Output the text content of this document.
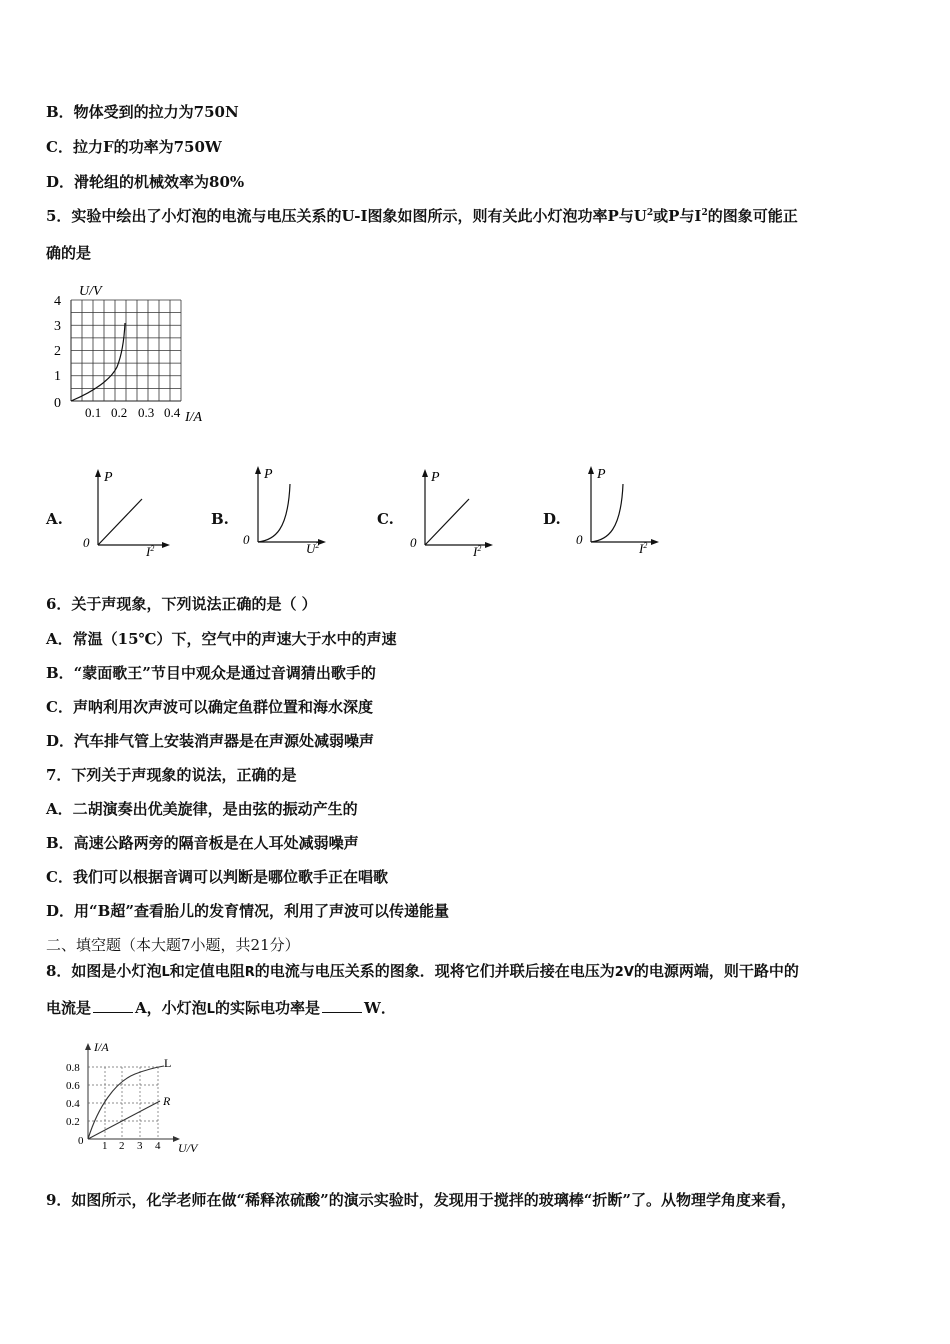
B．物体受到的拉力为750N
C．拉力F的功率为750W
D．滑轮组的机械效率为80%
5．实验中绘出了小灯泡的电流与电压关系的U-I图象如图所示，则有关此小灯泡功率P与$U^2$或P与$I^2$的图象可能正
确的是
U/V
I/A
4
3
2
1
0
0.1 0.2 0.3 0.4
A.
P
0
$I^2$
B.
P
0
$U^2$
C.
P
0
$I^2$
D.
P
0
$I^2$
6．关于声现象，下列说法正确的是（ ）
A．常温（15℃）下，空气中的声速大于水中的声速
B．“蒙面歌王”节目中观众是通过音调猜出歌手的
C．声呐利用次声波可以确定鱼群位置和海水深度
D．汽车排气管上安装消声器是在声源处减弱噪声
7．下列关于声现象的说法，正确的是
A．二胡演奏出优美旋律，是由弦的振动产生的
B．高速公路两旁的隔音板是在人耳处减弱噪声
C．我们可以根据音调可以判断是哪位歌手正在唱歌
D．用“B超”查看胎儿的发育情况，利用了声波可以传递能量
二、填空题（本大题7小题，共21分）
8．如图是小灯泡L和定值电阻R的电流与电压关系的图象．现将它们并联后接在电压为2V的电源两端，则干路中的
电流是	A，小灯泡L的实际电功率是	W．
I/A
U/V
L
R
0.8
0.6
0.4
0.2
0 1 2 3 4
9．如图所示，化学老师在做“稀释浓硫酸”的演示实验时，发现用于搅拌的玻璃棒“折断”了。从物理学角度来看，
